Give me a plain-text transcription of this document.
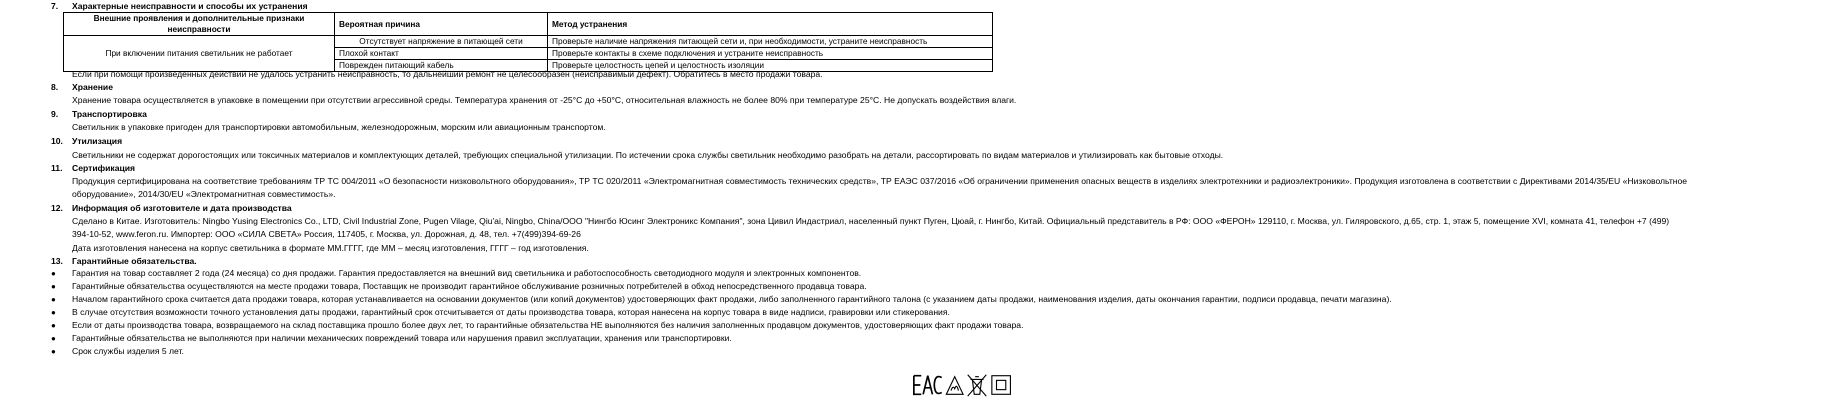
7.	Характерные неисправности и способы их устранения
Внешние проявления и дополнительные признаки неисправности	Вероятная причина	Метод устранения
При включении питания светильник не работает	Отсутствует напряжение в питающей сети	Проверьте наличие напряжения питающей сети и, при необходимости, устраните неисправность
	Плохой контакт	Проверьте контакты в схеме подключения и устраните неисправность
	Поврежден питающий кабель	Проверьте целостность цепей и целостность изоляции
Если при помощи произведенных действий не удалось устранить неисправность, то дальнейший ремонт не целесообразен (неисправимый дефект). Обратитесь в место продажи товара.
8.	Хранение
Хранение товара осуществляется в упаковке в помещении при отсутствии агрессивной среды. Температура хранения от -25°С до +50°С, относительная влажность не более 80% при температуре 25°С. Не допускать воздействия влаги.
9.	Транспортировка
Светильник в упаковке пригоден для транспортировки автомобильным, железнодорожным, морским или авиационным транспортом.
10. Утилизация
Светильники не содержат дорогостоящих или токсичных материалов и комплектующих деталей, требующих специальной утилизации. По истечении срока службы светильник необходимо разобрать на детали, рассортировать по видам материалов и утилизировать как бытовые отходы.
11. Сертификация
Продукция сертифицирована на соответствие требованиям ТР ТС 004/2011 «О безопасности низковольтного оборудования», ТР ТС 020/2011 «Электромагнитная совместимость технических средств», ТР ЕАЭС 037/2016 «Об ограничении применения опасных веществ в изделиях электротехники и радиоэлектроники». Продукция изготовлена в соответствии с Директивами 2014/35/EU «Низковольтное
оборудование», 2014/30/EU «Электромагнитная совместимость».
12. Информация об изготовителе и дата производства
Сделано в Китае. Изготовитель: Ningbo Yusing Electronics Co., LTD, Civil Industrial Zone, Pugen Vilage, Qiu'ai, Ningbo, China/ООО "Нингбо Юсинг Электроникс Компания", зона Цивил Индастриал, населенный пункт Пуген, Цюай, г. Нингбо, Китай. Официальный представитель в РФ: ООО «ФЕРОН» 129110, г. Москва, ул. Гиляровского, д.65, стр. 1, этаж 5, помещение XVI, комната 41, телефон +7 (499)
394-10-52, www.feron.ru. Импортер: ООО «СИЛА СВЕТА» Россия, 117405, г. Москва, ул. Дорожная, д. 48, тел. +7(499)394-69-26
Дата изготовления нанесена на корпус светильника в формате ММ.ГГГГ, где ММ – месяц изготовления, ГГГГ – год изготовления.
13. Гарантийные обязательства.
● Гарантия на товар составляет 2 года (24 месяца) со дня продажи. Гарантия предоставляется на внешний вид светильника и работоспособность светодиодного модуля и электронных компонентов.
● Гарантийные обязательства осуществляются на месте продажи товара, Поставщик не производит гарантийное обслуживание розничных потребителей в обход непосредственного продавца товара.
● Началом гарантийного срока считается дата продажи товара, которая устанавливается на основании документов (или копий документов) удостоверяющих факт продажи, либо заполненного гарантийного талона (с указанием даты продажи, наименования изделия, даты окончания гарантии, подписи продавца, печати магазина).
● В случае отсутствия возможности точного установления даты продажи, гарантийный срок отсчитывается от даты производства товара, которая нанесена на корпус товара в виде надписи, гравировки или стикерования.
● Если от даты производства товара, возвращаемого на склад поставщика прошло более двух лет, то гарантийные обязательства НЕ выполняются без наличия заполненных продавцом документов, удостоверяющих факт продажи товара.
● Гарантийные обязательства не выполняются при наличии механических повреждений товара или нарушения правил эксплуатации, хранения или транспортировки.
● Срок службы изделия 5 лет.
